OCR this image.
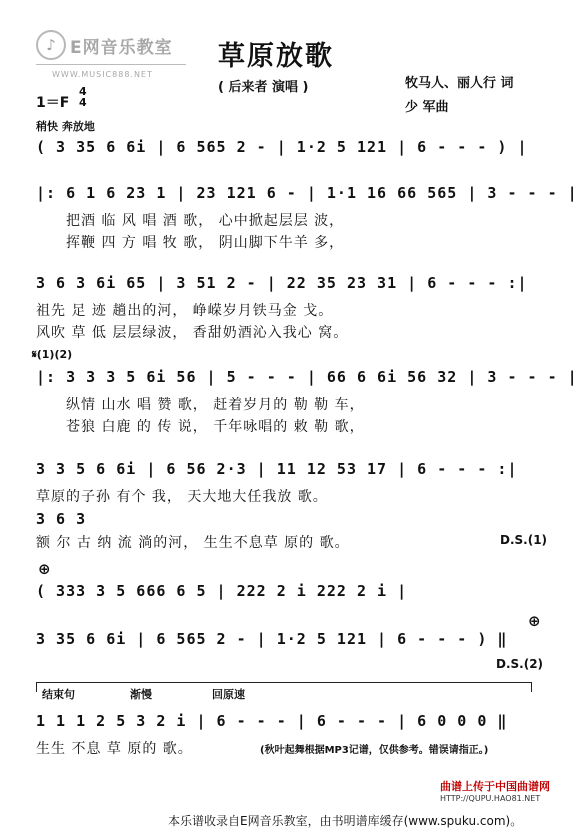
♪ E网音乐教室
WWW.MUSIC888.NET
草原放歌
( 后来者 演唱 )	牧马人、丽人行 词
少 军曲
1＝F
4
4
稍快 奔放地
( 3 35 6 6i | 6 565 2 - | 1·2 5 121 | 6 - - - ) |
|: 6 1 6 23 1 | 23 121 6 - | 1·1 16 66 565 | 3 - - - |
把酒 临 风 唱 酒 歌， 心中掀起层层 波，
挥鞭 四 方 唱 牧 歌， 阴山脚下牛羊 多，
3 6 3 6i 65 | 3 51 2 - | 22 35 23 31 | 6 - - - :|
祖先 足 迹 趟出的河， 峥嵘岁月铁马金 戈。
风吹 草 低 层层绿波， 香甜奶酒沁入我心 窝。
𝄋(1)(2)
|: 3 3 3 5 6i 56 | 5 - - - | 66 6 6i 56 32 | 3 - - - |
纵情 山水 唱 赞 歌， 赶着岁月的 勒 勒 车，
苍狼 白鹿 的 传 说， 千年咏唱的 敕 勒 歌，
3 3 5 6 6i | 6 56 2·3 | 11 12 53 17 | 6 - - - :|
草原的子孙 有个 我， 天大地大任我放 歌。
3 6 3
额 尔 古 纳 流 淌的河， 生生不息草 原的 歌。	D.S.(1)
⊕
( 333 3 5 666 6 5 | 222 2 i 222 2 i |
⊕
3 35 6 6i | 6 565 2 - | 1·2 5 121 | 6 - - - ) ‖
D.S.(2)
结束句	渐慢	回原速
1 1 1 2 5 3 2 i | 6 - - - | 6 - - - | 6 0 0 0 ‖
生生 不息 草 原的 歌。	(秋叶起舞根据MP3记谱，仅供参考。错误请指正。)
曲谱上传于中国曲谱网
HTTP://QUPU.HAO81.NET
本乐谱收录自E网音乐教室，由书明谱库缓存(www.spuku.com)。
